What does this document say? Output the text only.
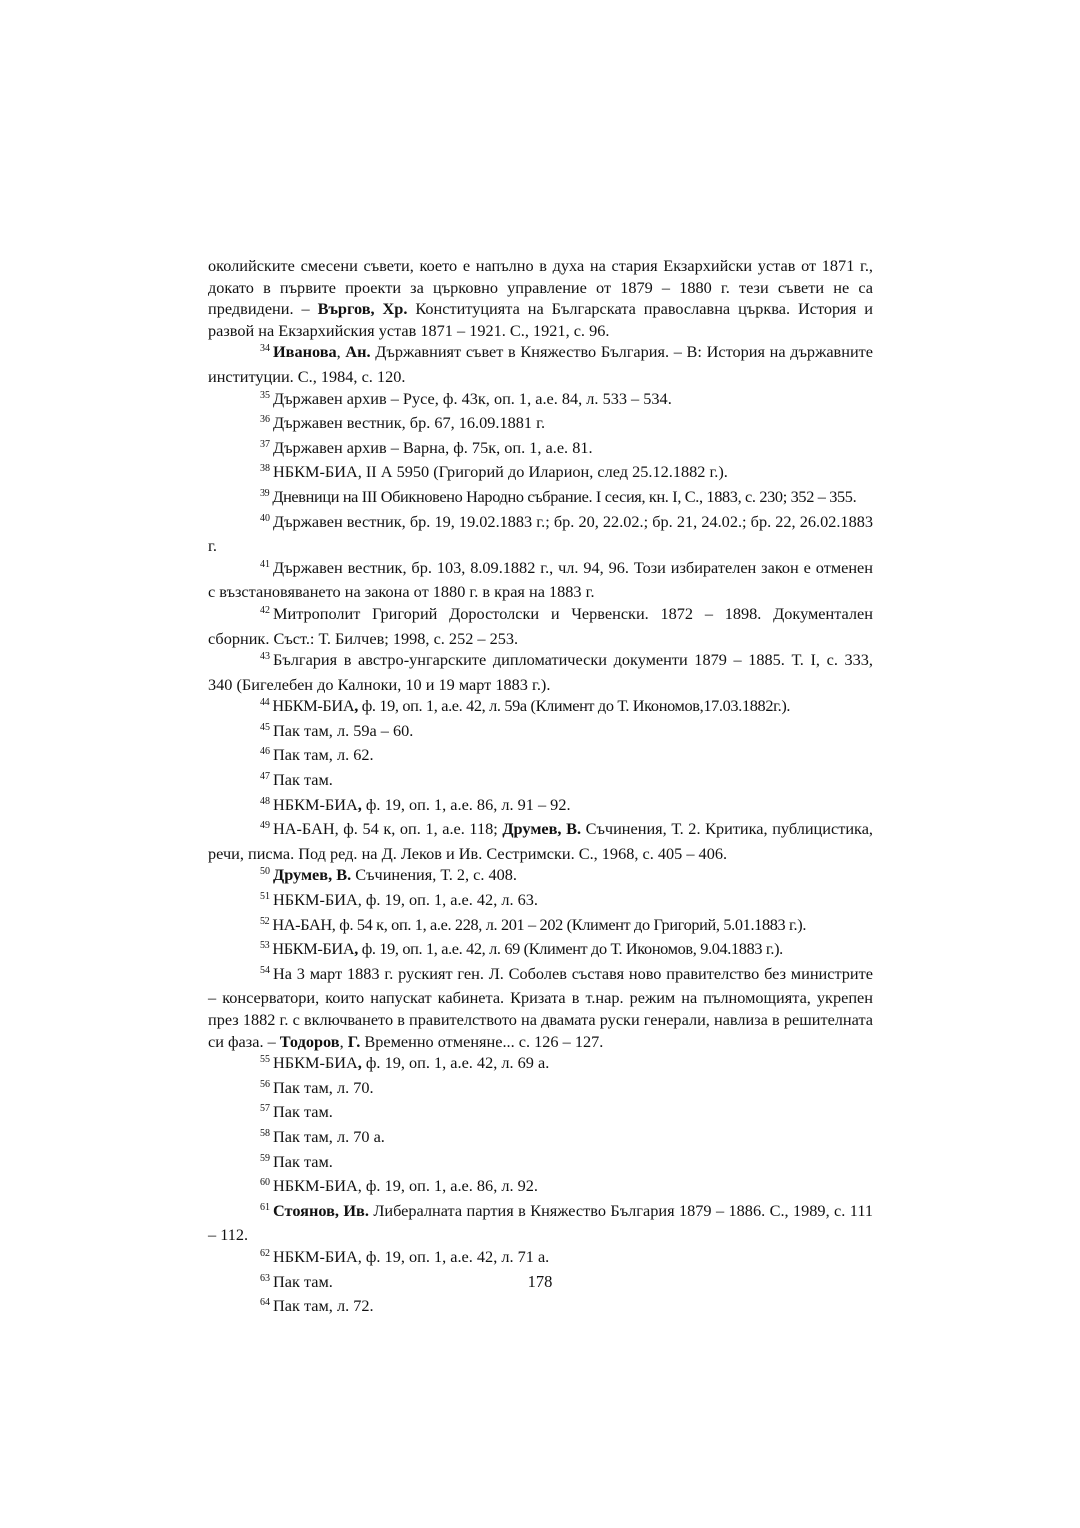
околийските смесени съвети, което е напълно в духа на стария Екзархийски устав от 1871 г., докато в първите проекти за църковно управление от 1879 – 1880 г. тези съвети не са предвидени. – Въргов, Хр. Конституцията на Българската православна църква. История и развой на Екзархийския устав 1871 – 1921. С., 1921, с. 96.

$^{34}$ Иванова, Ан. Държавният съвет в Княжество България. – В: История на държавните институции. С., 1984, с. 120.

$^{35}$ Държавен архив – Русе, ф. 43к, оп. 1, а.е. 84, л. 533 – 534.

$^{36}$ Държавен вестник, бр. 67, 16.09.1881 г.

$^{37}$ Държавен архив – Варна, ф. 75к, оп. 1, а.е. 81.

$^{38}$ НБКМ-БИА, II А 5950 (Григорий до Иларион, след 25.12.1882 г.).

$^{39}$ Дневници на III Обикновено Народно събрание. I сесия, кн. I, С., 1883, с. 230; 352 – 355.

$^{40}$ Държавен вестник, бр. 19, 19.02.1883 г.; бр. 20, 22.02.; бр. 21, 24.02.; бр. 22, 26.02.1883 г.

$^{41}$ Държавен вестник, бр. 103, 8.09.1882 г., чл. 94, 96. Този избирателен закон е отменен с възстановяването на закона от 1880 г. в края на 1883 г.

$^{42}$ Митрополит Григорий Доростолски и Червенски. 1872 – 1898. Документален сборник. Съст.: Т. Билчев; 1998, с. 252 – 253.

$^{43}$ България в австро-унгарските дипломатически документи 1879 – 1885. Т. I, с. 333, 340 (Бигелебен до Калноки, 10 и 19 март 1883 г.).

$^{44}$ НБКМ-БИА, ф. 19, оп. 1, а.е. 42, л. 59а (Климент до Т. Икономов,17.03.1882г.).

$^{45}$ Пак там, л. 59а – 60.

$^{46}$ Пак там, л. 62.

$^{47}$ Пак там.

$^{48}$ НБКМ-БИА, ф. 19, оп. 1, а.е. 86, л. 91 – 92.

$^{49}$ НА-БАН, ф. 54 к, оп. 1, а.е. 118; Друмев, В. Съчинения, Т. 2. Критика, публицистика, речи, писма. Под ред. на Д. Леков и Ив. Сестримски. С., 1968, с. 405 – 406.

$^{50}$ Друмев, В. Съчинения, Т. 2, с. 408.

$^{51}$ НБКМ-БИА, ф. 19, оп. 1, а.е. 42, л. 63.

$^{52}$ НА-БАН, ф. 54 к, оп. 1, а.е. 228, л. 201 – 202 (Климент до Григорий, 5.01.1883 г.).

$^{53}$ НБКМ-БИА, ф. 19, оп. 1, а.е. 42, л. 69 (Климент до Т. Икономов, 9.04.1883 г.).

$^{54}$ На 3 март 1883 г. руският ген. Л. Соболев съставя ново правителство без министрите – консерватори, които напускат кабинета. Кризата в т.нар. режим на пълномощията, укрепен през 1882 г. с включването в правителството на двамата руски генерали, навлиза в решителната си фаза. – Тодоров, Г. Временно отменяне... с. 126 – 127.

$^{55}$ НБКМ-БИА, ф. 19, оп. 1, а.е. 42, л. 69 а.

$^{56}$ Пак там, л. 70.

$^{57}$ Пак там.

$^{58}$ Пак там, л. 70 а.

$^{59}$ Пак там.

$^{60}$ НБКМ-БИА, ф. 19, оп. 1, а.е. 86, л. 92.

$^{61}$ Стоянов, Ив. Либералната партия в Княжество България 1879 – 1886. С., 1989, с. 111 – 112.

$^{62}$ НБКМ-БИА, ф. 19, оп. 1, а.е. 42, л. 71 а.

$^{63}$ Пак там.

$^{64}$ Пак там, л. 72.

178
